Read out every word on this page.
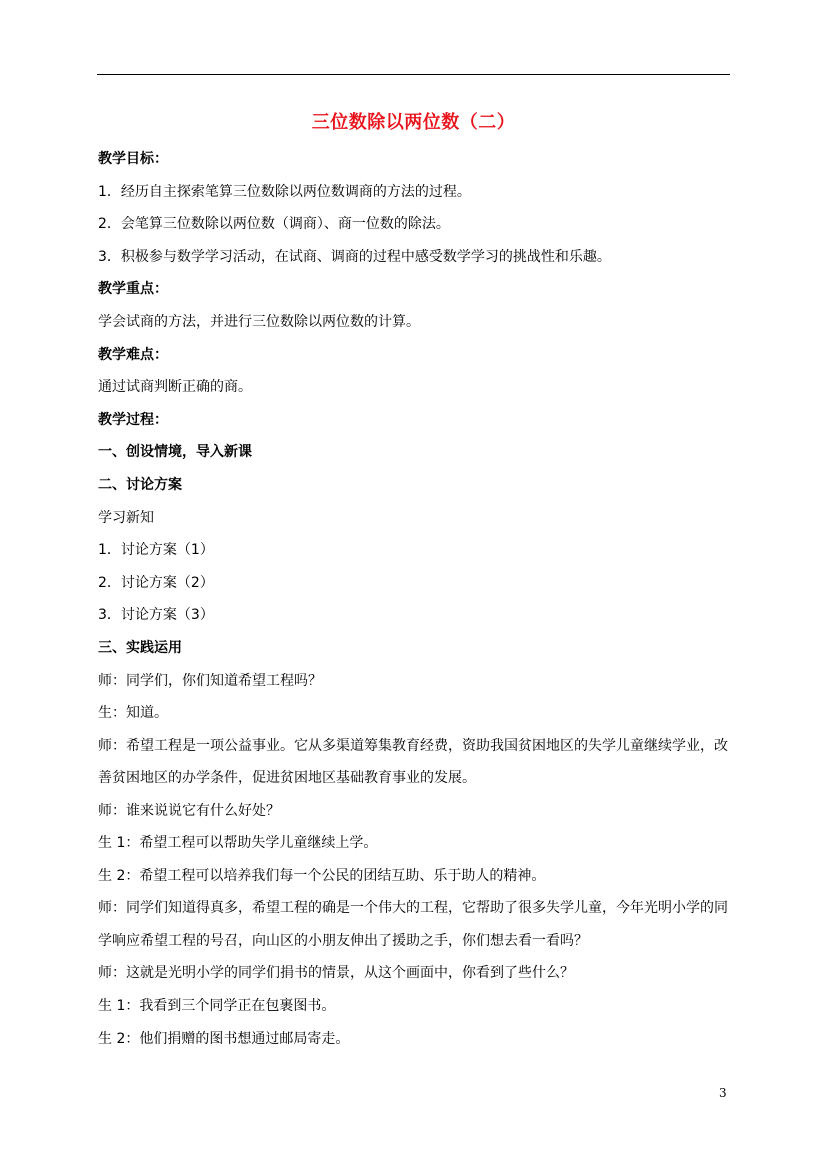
三位数除以两位数（二）
教学目标：
1．经历自主探索笔算三位数除以两位数调商的方法的过程。
2．会笔算三位数除以两位数（调商）、商一位数的除法。
3．积极参与数学学习活动，在试商、调商的过程中感受数学学习的挑战性和乐趣。
教学重点：
学会试商的方法，并进行三位数除以两位数的计算。
教学难点：
通过试商判断正确的商。
教学过程：
一、创设情境，导入新课
二、讨论方案
学习新知
1．讨论方案（1）
2．讨论方案（2）
3．讨论方案（3）
三、实践运用
师：同学们，你们知道希望工程吗？
生：知道。
师：希望工程是一项公益事业。它从多渠道筹集教育经费，资助我国贫困地区的失学儿童继续学业，改善贫困地区的办学条件，促进贫困地区基础教育事业的发展。
师：谁来说说它有什么好处？
生 1：希望工程可以帮助失学儿童继续上学。
生 2：希望工程可以培养我们每一个公民的团结互助、乐于助人的精神。
师：同学们知道得真多，希望工程的确是一个伟大的工程，它帮助了很多失学儿童，今年光明小学的同学响应希望工程的号召，向山区的小朋友伸出了援助之手，你们想去看一看吗？
师：这就是光明小学的同学们捐书的情景，从这个画面中，你看到了些什么？
生 1：我看到三个同学正在包裹图书。
生 2：他们捐赠的图书想通过邮局寄走。
3
